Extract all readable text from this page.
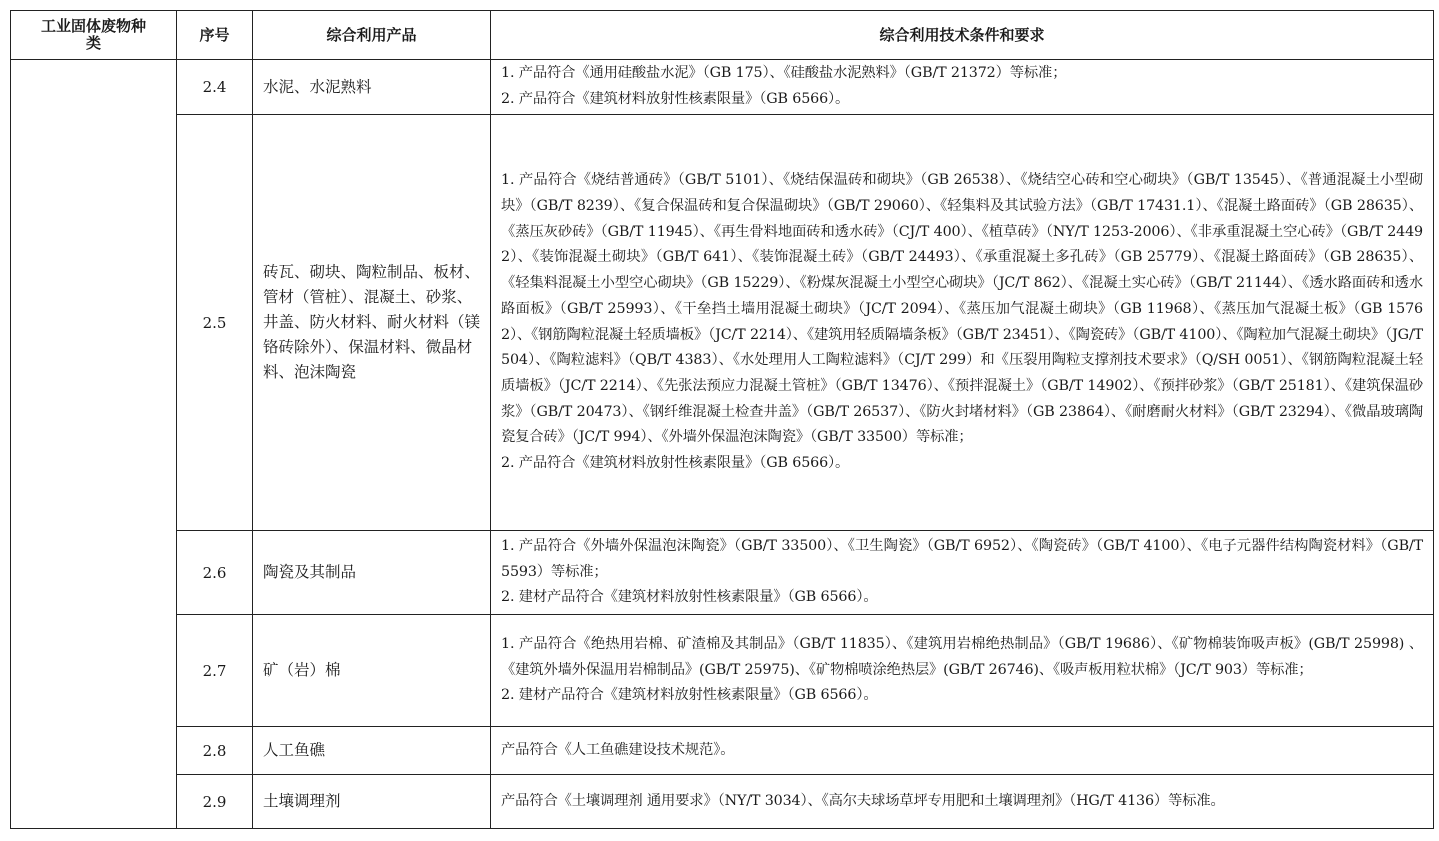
工业固体废物种类	序号	综合利用产品	综合利用技术条件和要求
	2.4	水泥、水泥熟料	1. 产品符合《通用硅酸盐水泥》（GB 175）、《硅酸盐水泥熟料》（GB/T 21372）等标准；
2. 产品符合《建筑材料放射性核素限量》（GB 6566）。

	2.5	砖瓦、砌块、陶粒制品、板材、管材（管桩）、混凝土、砂浆、井盖、防火材料、耐火材料（镁铬砖除外）、保温材料、微晶材料、泡沫陶瓷	1. 产品符合《烧结普通砖》（GB/T 5101）、《烧结保温砖和砌块》（GB 26538）、《烧结空心砖和空心砌块》（GB/T 13545）、《普通混凝土小型砌块》（GB/T 8239）、《复合保温砖和复合保温砌块》（GB/T 29060）、《轻集料及其试验方法》（GB/T 17431.1）、《混凝土路面砖》（GB 28635）、《蒸压灰砂砖》（GB/T 11945）、《再生骨料地面砖和透水砖》（CJ/T 400）、《植草砖》（NY/T 1253-2006）、《非承重混凝土空心砖》（GB/T 24492）、《装饰混凝土砌块》（GB/T 641）、《装饰混凝土砖》（GB/T 24493）、《承重混凝土多孔砖》（GB 25779）、《混凝土路面砖》（GB 28635）、《轻集料混凝土小型空心砌块》（GB 15229）、《粉煤灰混凝土小型空心砌块》（JC/T 862）、《混凝土实心砖》（GB/T 21144）、《透水路面砖和透水路面板》（GB/T 25993）、《干垒挡土墙用混凝土砌块》（JC/T 2094）、《蒸压加气混凝土砌块》（GB 11968）、《蒸压加气混凝土板》（GB 15762）、《钢筋陶粒混凝土轻质墙板》（JC/T 2214）、《建筑用轻质隔墙条板》（GB/T 23451）、《陶瓷砖》（GB/T 4100）、《陶粒加气混凝土砌块》（JG/T 504）、《陶粒滤料》（QB/T 4383）、《水处理用人工陶粒滤料》（CJ/T 299）和《压裂用陶粒支撑剂技术要求》（Q/SH 0051）、《钢筋陶粒混凝土轻质墙板》（JC/T 2214）、《先张法预应力混凝土管桩》（GB/T 13476）、《预拌混凝土》（GB/T 14902）、《预拌砂浆》（GB/T 25181）、《建筑保温砂浆》（GB/T 20473）、《钢纤维混凝土检查井盖》（GB/T 26537）、《防火封堵材料》（GB 23864）、《耐磨耐火材料》（GB/T 23294）、《微晶玻璃陶瓷复合砖》（JC/T 994）、《外墙外保温泡沫陶瓷》（GB/T 33500）等标准；
2. 产品符合《建筑材料放射性核素限量》（GB 6566）。

	2.6	陶瓷及其制品	1. 产品符合《外墙外保温泡沫陶瓷》（GB/T 33500）、《卫生陶瓷》（GB/T 6952）、《陶瓷砖》（GB/T 4100）、《电子元器件结构陶瓷材料》（GB/T 5593）等标准；
2. 建材产品符合《建筑材料放射性核素限量》（GB 6566）。

	2.7	矿（岩）棉	1. 产品符合《绝热用岩棉、矿渣棉及其制品》（GB/T 11835）、《建筑用岩棉绝热制品》（GB/T 19686）、《矿物棉装饰吸声板》(GB/T 25998) 、《建筑外墙外保温用岩棉制品》(GB/T 25975)、《矿物棉喷涂绝热层》(GB/T 26746)、《吸声板用粒状棉》（JC/T 903）等标准；
2. 建材产品符合《建筑材料放射性核素限量》（GB 6566）。

	2.8	人工鱼礁	产品符合《人工鱼礁建设技术规范》。

	2.9	土壤调理剂	产品符合《土壤调理剂 通用要求》（NY/T 3034）、《高尔夫球场草坪专用肥和土壤调理剂》（HG/T 4136）等标准。
